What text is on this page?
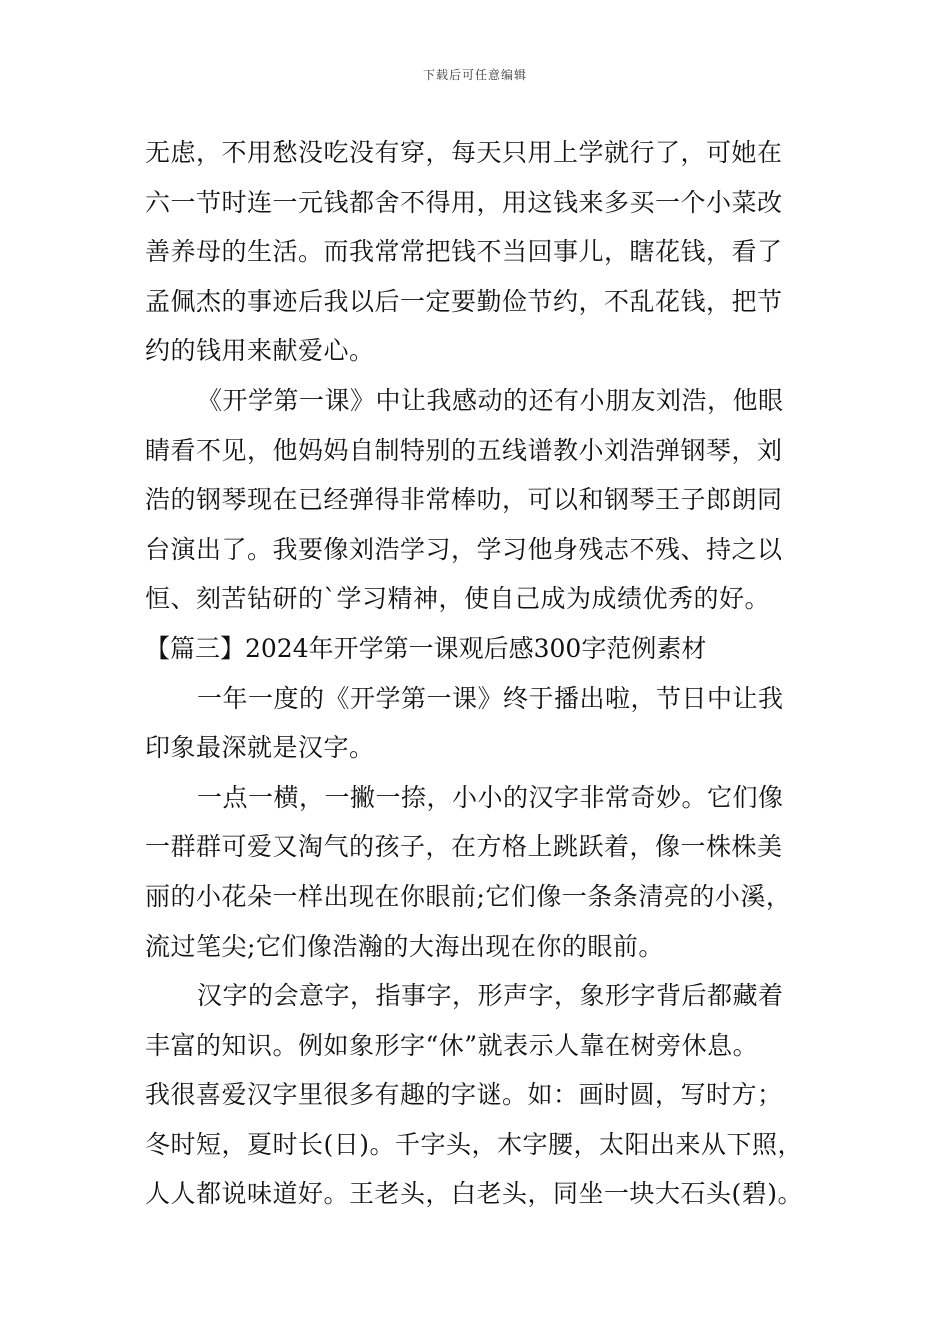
下载后可任意编辑
无虑，不用愁没吃没有穿，每天只用上学就行了，可她在
六一节时连一元钱都舍不得用，用这钱来多买一个小菜改
善养母的生活。而我常常把钱不当回事儿，瞎花钱，看了
孟佩杰的事迹后我以后一定要勤俭节约，不乱花钱，把节
约的钱用来献爱心。
《开学第一课》中让我感动的还有小朋友刘浩，他眼
睛看不见，他妈妈自制特别的五线谱教小刘浩弹钢琴，刘
浩的钢琴现在已经弹得非常棒叻，可以和钢琴王子郎朗同
台演出了。我要像刘浩学习，学习他身残志不残、持之以
恒、刻苦钻研的`学习精神，使自己成为成绩优秀的好。
【篇三】2024年开学第一课观后感300字范例素材
一年一度的《开学第一课》终于播出啦，节日中让我
印象最深就是汉字。
一点一横，一撇一捺，小小的汉字非常奇妙。它们像
一群群可爱又淘气的孩子，在方格上跳跃着，像一株株美
丽的小花朵一样出现在你眼前;它们像一条条清亮的小溪，
流过笔尖;它们像浩瀚的大海出现在你的眼前。
汉字的会意字，指事字，形声字，象形字背后都藏着
丰富的知识。例如象形字“休”就表示人靠在树旁休息。
我很喜爱汉字里很多有趣的字谜。如：画时圆，写时方；
冬时短，夏时长(日)。千字头，木字腰，太阳出来从下照，
人人都说味道好。王老头，白老头，同坐一块大石头(碧)。
